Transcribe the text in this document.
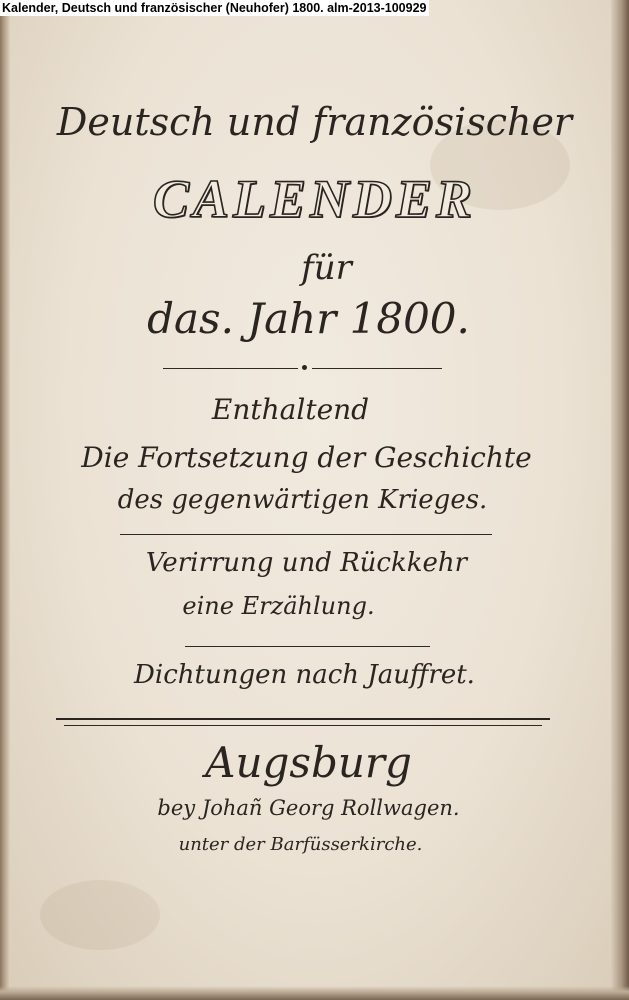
Kalender, Deutsch und französischer (Neuhofer) 1800. alm-2013-100929
Deutsch und französischer
CALENDER
für
das. Jahr 1800.
Enthaltend
Die Fortsetzung der Geschichte
des gegenwärtigen Krieges.
Verirrung und Rückkehr
eine Erzählung.
Dichtungen nach Jauffret.
Augsburg
bey Johañ Georg Rollwagen.
unter der Barfüsserkirche.
